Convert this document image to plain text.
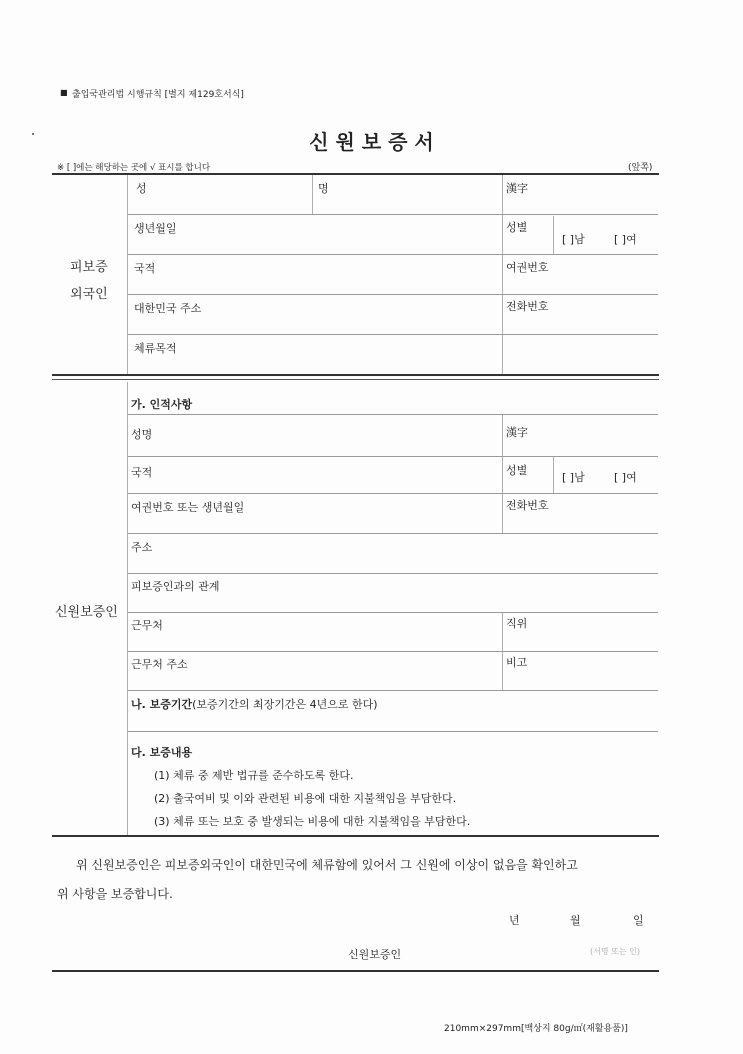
■ 출입국관리법 시행규칙 [별지 제129호서식]
신 원 보 증 서
※ [ ]에는 해당하는 곳에 √ 표시를 합니다	(앞쪽)
피보증
외국인
성	명	漢字
생년월일	성별
[ ]남	[ ]여
국적	여권번호
대한민국 주소	전화번호
체류목적
신원보증인
가. 인적사항
성명	漢字
국적	성별
[ ]남	[ ]여
여권번호 또는 생년월일	전화번호
주소
피보증인과의 관계
근무처	직위
근무처 주소	비고
나. 보증기간(보증기간의 최장기간은 4년으로 한다)
다. 보증내용
(1) 체류 중 제반 법규를 준수하도록 한다.
(2) 출국여비 및 이와 관련된 비용에 대한 지불책임을 부담한다.
(3) 체류 또는 보호 중 발생되는 비용에 대한 지불책임을 부담한다.
위 신원보증인은 피보증외국인이 대한민국에 체류함에 있어서 그 신원에 이상이 없음을 확인하고
위 사항을 보증합니다.
년	월	일
신원보증인	(서명 또는 인)
210mm×297mm[백상지 80g/㎡(재활용품)]
